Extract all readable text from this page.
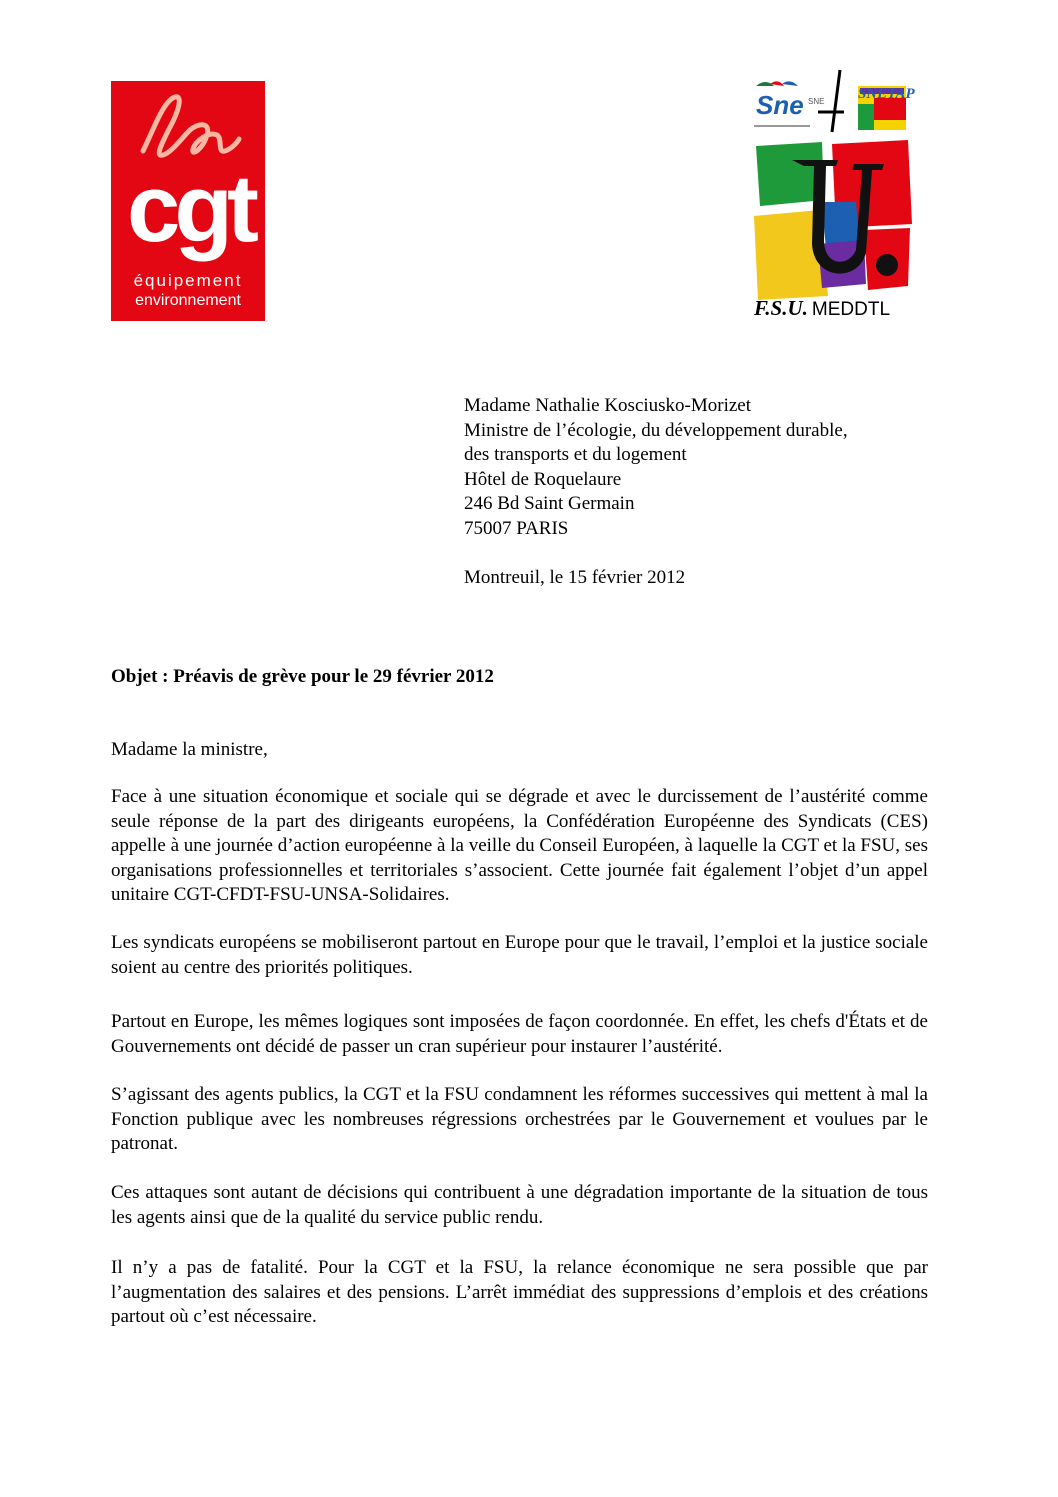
cgt
équipement
environnement
Sne SNE SNETAP
F.S.U. MEDDTL
Madame Nathalie Kosciusko-Morizet
Ministre de l’écologie, du développement durable,
des transports et du logement
Hôtel de Roquelaure
246 Bd Saint Germain
75007 PARIS
Montreuil, le 15 février 2012
Objet : Préavis de grève pour le 29 février 2012
Madame la ministre,
Face à une situation économique et sociale qui se dégrade et avec le durcissement de l’austérité comme seule réponse de la part des dirigeants européens, la Confédération Européenne des Syndicats (CES) appelle à une journée d’action européenne à la veille du Conseil Européen, à laquelle la CGT et la FSU, ses organisations professionnelles et territoriales s’associent. Cette journée fait également l’objet d’un appel unitaire CGT-CFDT-FSU-UNSA-Solidaires.
Les syndicats européens se mobiliseront partout en Europe pour que le travail, l’emploi et la justice sociale soient au centre des priorités politiques.
Partout en Europe, les mêmes logiques sont imposées de façon coordonnée. En effet, les chefs d'États et de Gouvernements ont décidé de passer un cran supérieur pour instaurer l’austérité.
S’agissant des agents publics, la CGT et la FSU condamnent les réformes successives qui mettent à mal la Fonction publique avec les nombreuses régressions orchestrées par le Gouvernement et voulues par le patronat.
Ces attaques sont autant de décisions qui contribuent à une dégradation importante de la situation de tous les agents ainsi que de la qualité du service public rendu.
Il n’y a pas de fatalité. Pour la CGT et la FSU, la relance économique ne sera possible que par l’augmentation des salaires et des pensions. L’arrêt immédiat des suppressions d’emplois et des créations partout où c’est nécessaire.
